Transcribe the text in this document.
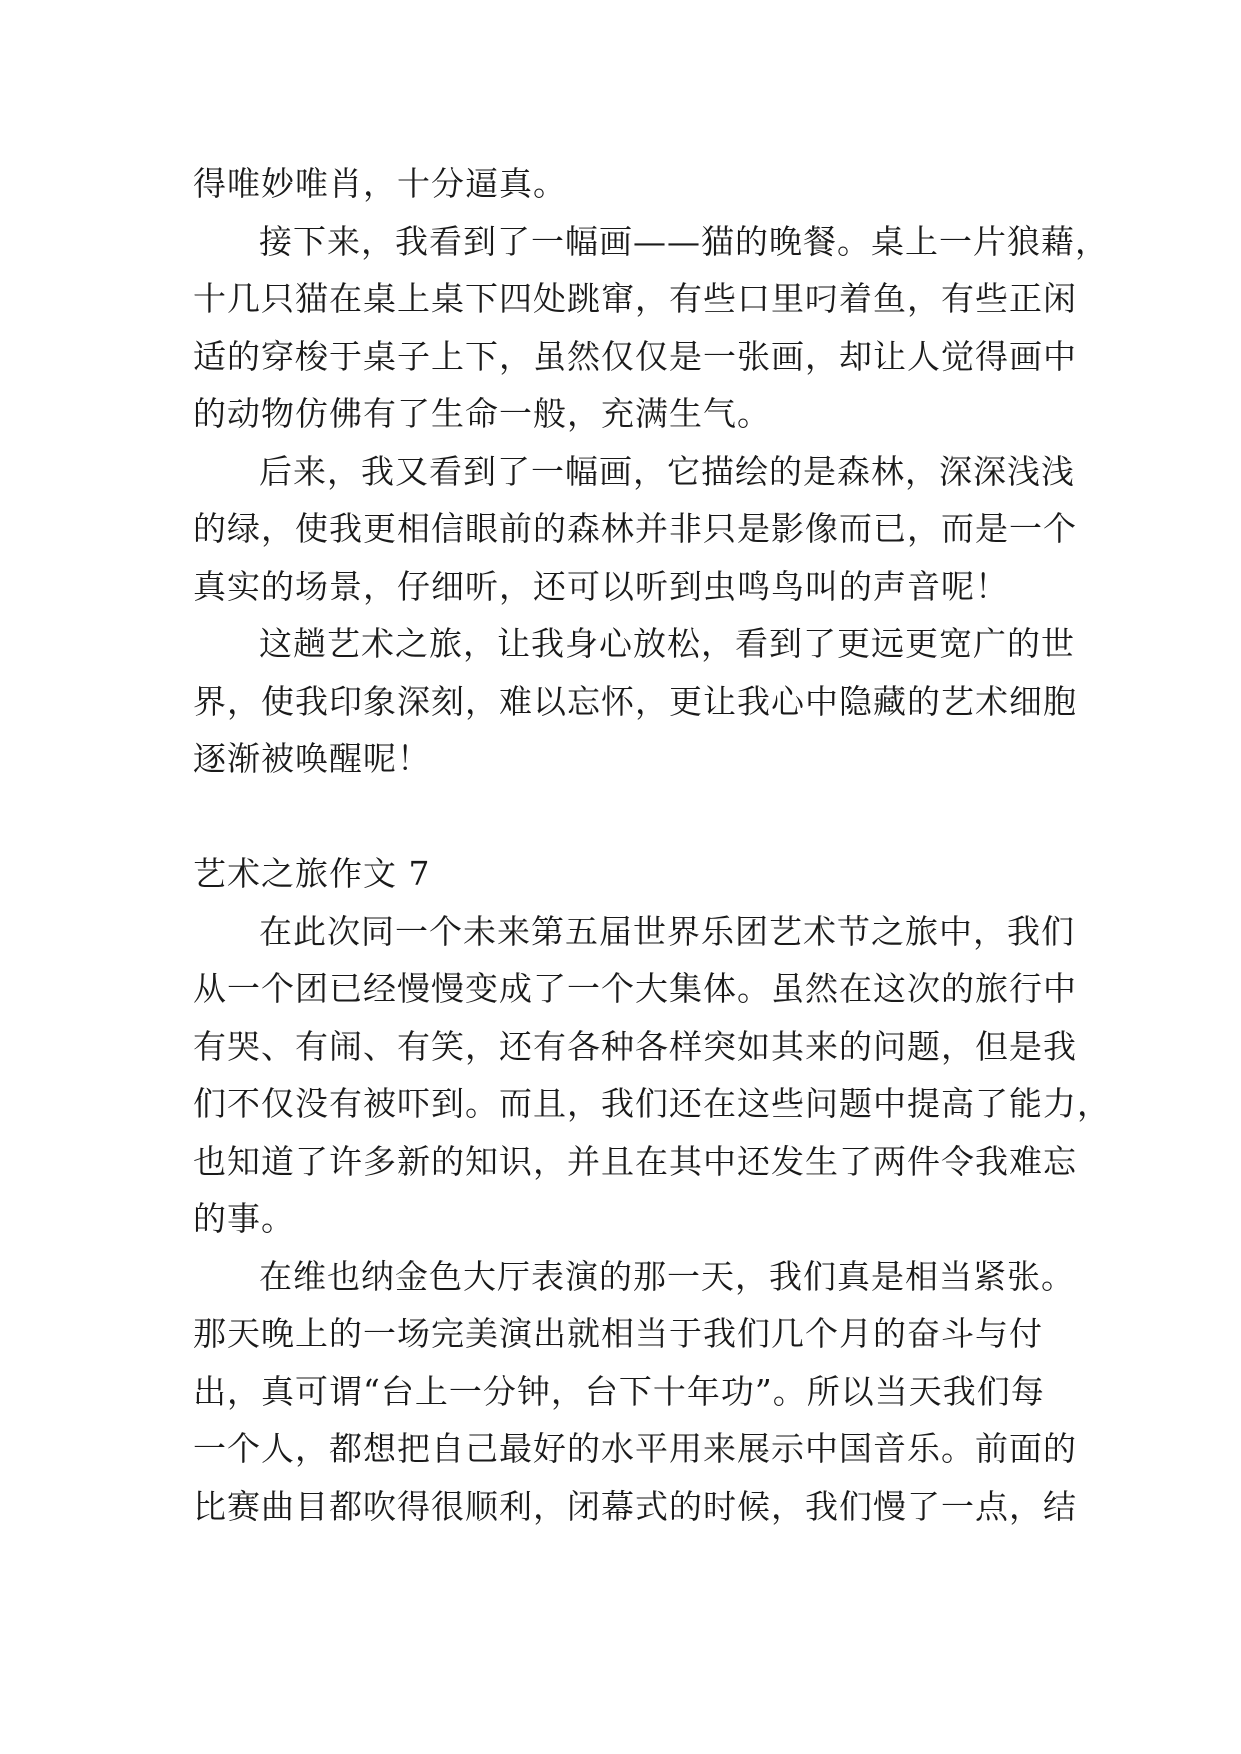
得唯妙唯肖，十分逼真。
接下来，我看到了一幅画——猫的晚餐。桌上一片狼藉，
十几只猫在桌上桌下四处跳窜，有些口里叼着鱼，有些正闲
适的穿梭于桌子上下，虽然仅仅是一张画，却让人觉得画中
的动物仿佛有了生命一般，充满生气。
后来，我又看到了一幅画，它描绘的是森林，深深浅浅
的绿，使我更相信眼前的森林并非只是影像而已，而是一个
真实的场景，仔细听，还可以听到虫鸣鸟叫的声音呢！
这趟艺术之旅，让我身心放松，看到了更远更宽广的世
界，使我印象深刻，难以忘怀，更让我心中隐藏的艺术细胞
逐渐被唤醒呢！
艺术之旅作文 7
在此次同一个未来第五届世界乐团艺术节之旅中，我们
从一个团已经慢慢变成了一个大集体。虽然在这次的旅行中
有哭、有闹、有笑，还有各种各样突如其来的问题，但是我
们不仅没有被吓到。而且，我们还在这些问题中提高了能力，
也知道了许多新的知识，并且在其中还发生了两件令我难忘
的事。
在维也纳金色大厅表演的那一天，我们真是相当紧张。
那天晚上的一场完美演出就相当于我们几个月的奋斗与付
出，真可谓“台上一分钟，台下十年功”。所以当天我们每
一个人，都想把自己最好的水平用来展示中国音乐。前面的
比赛曲目都吹得很顺利，闭幕式的时候，我们慢了一点，结
